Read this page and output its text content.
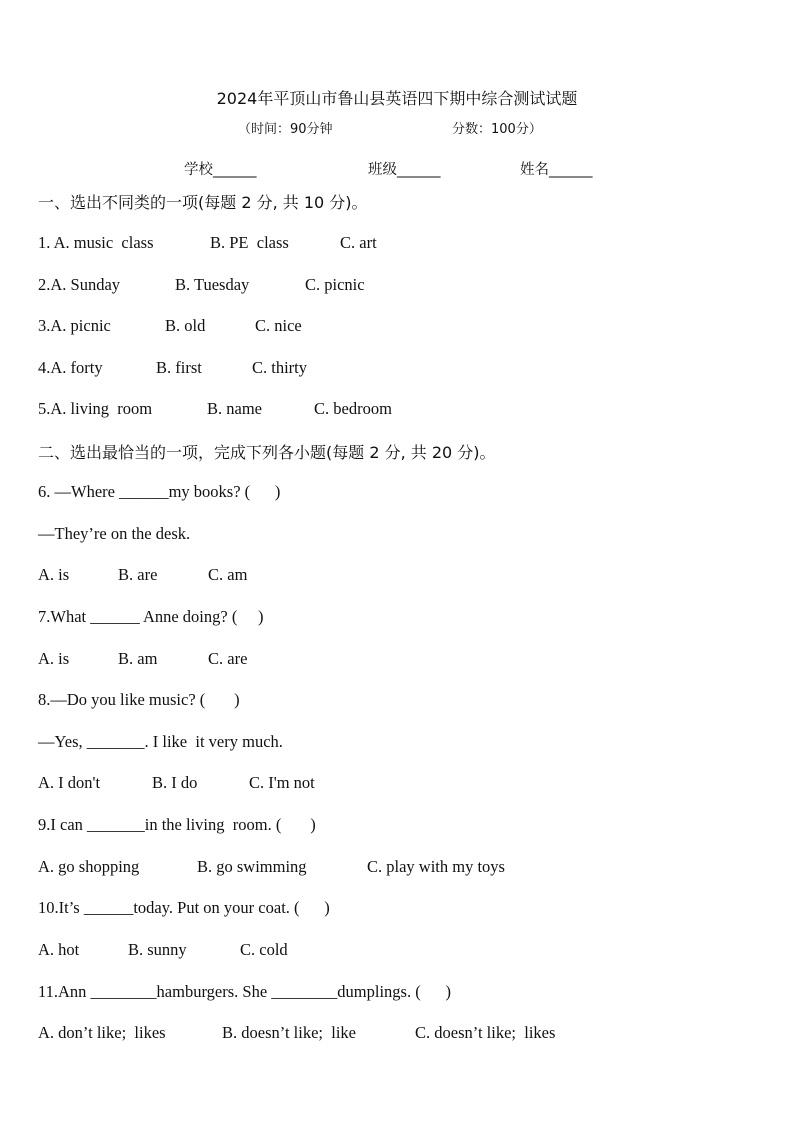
2024年平顶山市鲁山县英语四下期中综合测试试题
（时间：90分钟	分数：100分）
学校______	班级______	姓名______
一、选出不同类的一项(每题 2 分, 共 10 分)。
1. A. music  class	B. PE  class	C. art
2.A. Sunday	B. Tuesday	C. picnic
3.A. picnic	B. old	C. nice
4.A. forty	B. first	C. thirty
5.A. living  room	B. name	C. bedroom
二、选出最恰当的一项，完成下列各小题(每题 2 分, 共 20 分)。
6. —Where ______my books? (      )
—They’re on the desk.
A. is	B. are	C. am
7.What ______ Anne doing? (     )
A. is	B. am	C. are
8.—Do you like music? (       )
—Yes, _______. I like  it very much.
A. I don't	B. I do	C. I'm not
9.I can _______in the living  room. (       )
A. go shopping	B. go swimming	C. play with my toys
10.It’s ______today. Put on your coat. (      )
A. hot	B. sunny	C. cold
11.Ann ________hamburgers. She ________dumplings. (      )
A. don’t like;  likes	B. doesn’t like;  like	C. doesn’t like;  likes
